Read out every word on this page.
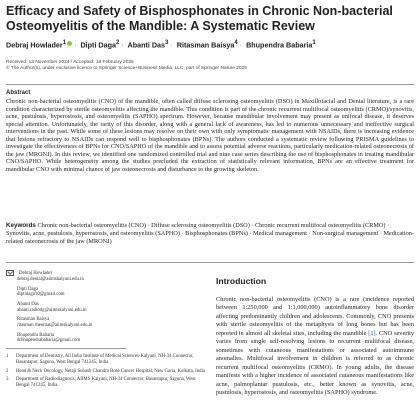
Efficacy and Safety of Bisphosphonates in Chronic Non-bacterial
Osteomyelitis of the Mandible: A Systematic Review
Debraj Howlader$^1$ · Dipti Daga$^2$ · Abanti Das$^3$ · Ritasman Baisya$^4$ · Bhupendra Babaria$^1$
Received: 13 November 2024 / Accepted: 18 February 2025
© The Author(s), under exclusive licence to Springer Science+Business Media, LLC, part of Springer Nature 2025
Abstract
Chronic non-bacterial osteomyelitis (CNO) of the mandible, often called diffuse sclerosing osteomyelitis (DSO) in Maxillofacial and Dental literature, is a rare condition characterized by sterile osteomyelitis affecting the mandible. This condition is part of the chronic recurrent multifocal osteomyelitis (CRMO)/synovitis, acne, pustulosis, hyperostosis, and osteomyelitis (SAPHO) spectrum. However, because mandibular involvement may present as unifocal disease, it deserves special attention. Unfortunately, the rarity of this disorder, along with a general lack of awareness, has led to numerous unnecessary and ineffective surgical interventions in the past. While some of these lesions may resolve on their own with only symptomatic management with NSAIDs, there is increasing evidence that lesions refractory to NSAIDs can respond well to bisphosphonates (BPNs). The authors conducted a systematic review following PRISMA guidelines to investigate the effectiveness of BPNs for CNO/SAPHO of the mandible and to assess potential adverse reactions, particularly medication-related osteonecrosis of the jaw (MRONJ). In this review, we identified one randomized controlled trial and nine case series describing the use of bisphosphonates in treating mandibular CNO/SAPHO. While heterogeneity among the studies precluded the extraction of statistically relevant information, BPNs are an effective treatment for mandibular CNO with minimal chance of jaw osteonecrosis and disturbance to the growing skeleton.
Keywords Chronic non-bacterial osteomyelitis (CNO) · Diffuse sclerosing osteomyelitis (DSO) · Chronic recurrent multifocal osteomyelitis (CRMO) · Synovitis, acne, pustulosis, hyperostosis, and osteomyelitis (SAPHO) · Bisphosphonates (BPNs) · Medical management · Non-surgical management · Medication-related osteonecrosis of the jaw (MRONJ)
Debraj Howlader
debraj.dental@aiimskalyani.edu.in
Dipti Daga
diptidaga10@gmail.com
Abanti Das
abanti.radiodg@aiimskalyani.edu.in
Ritasman Baisya
ritasman.rheumat@aiimskalyani.edu.in
Bhupendra Babaria
drbhupendrababaria@gmail.com
1	Department of Dentistry, All India Institute of Medical Sciences-Kalyani, NH-34 Connector, Basantapur, Saguna, West Bengal 741245, India
2	Head & Neck Oncology, Netaji Subash Chandra Bose Cancer Hospital, New Garia, Kolkata, India
3	Department of Radiodiagnosis, AIIMS Kalyani, NH-34 Connector, Basantapur, Saguna, West Bengal 741245, India
Introduction
Chronic non-bacterial osteomyelitis (CNO) is a rare (incidence reported between 1:250,000 and 1:1,000,000) autoinflammatory bone disorder affecting predominantly children and adolescents. Commonly, CNO presents with sterile osteomyelitis of the metaphysis of long bones but has been reported in almost all skeletal sites, including the mandible [1]. CNO severity varies from single self-resolving lesions to recurrent multifocal disease, sometimes with cutaneous manifestations or associated autoimmune anomalies. Multifocal involvement in children is referred to as chronic recurrent multifocal osteomyelitis (CRMO). In young adults, the disease manifests with a higher incidence of associated cutaneous manifestations like acne, palmoplantar pustulosis, etc., better known as synovitis, acne, pustulosis, hyperostosis, and osteomyelitis (SAPHO) syndrome.
